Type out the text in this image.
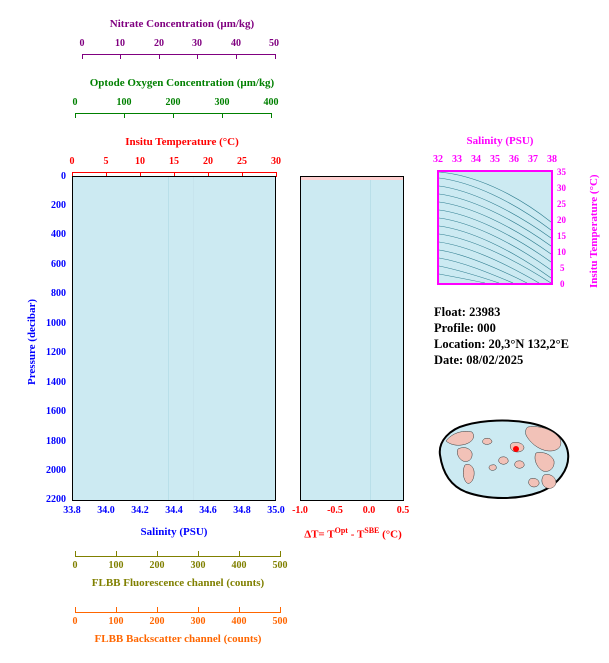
Nitrate Concentration (µm/kg)
0	10	20	30	40	50
Optode Oxygen Concentration (µm/kg)
0	100	200	300	400
Insitu Temperature (°C)
0	5	10 15 20 25 30
0
200
400
600
800
1000
1200
1400
1600
1800
2000
2200
Pressure (decibar)
33.8 34.0 34.2 34.4 34.6 34.8 35.0
Salinity (PSU)
0	100	200	300	400	500
FLBB Fluorescence channel (counts)
0	100	200	300	400	500
FLBB Backscatter channel (counts)
-1.0 -0.5 0.0 0.5
$\Delta T= T^{Opt} - T^{SBE}$ (°C)
Salinity (PSU)
32 33 34 35 36 37 38
35
30
25
20
15
10
5
0 Insitu Temperature (°C)
Float: 23983
Profile: 000
Location: 20,3°N 132,2°E
Date: 08/02/2025
